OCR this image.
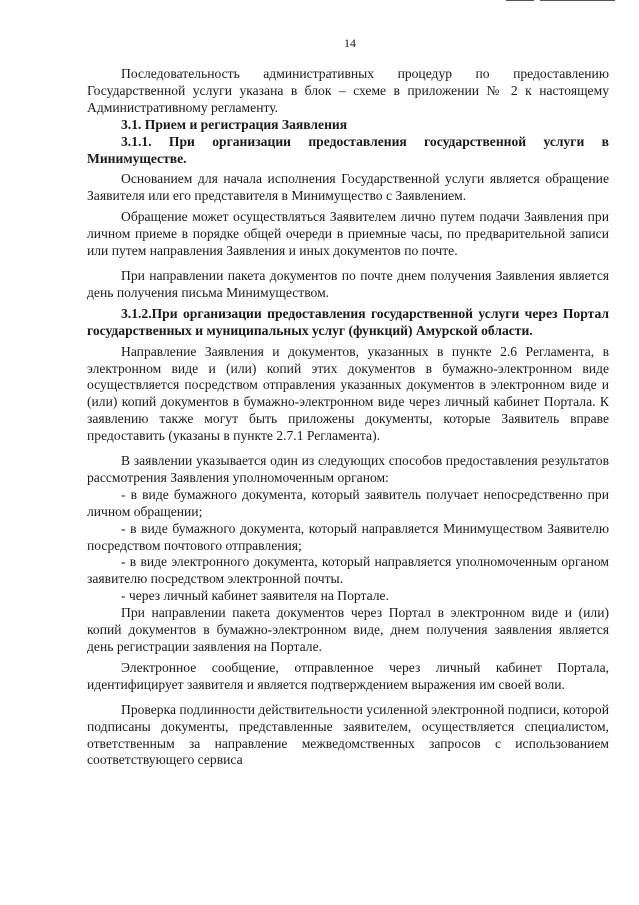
14

Последовательность административных процедур по предоставлению Государственной услуги указана в блок – схеме в приложении № 2 к настоящему Административному регламенту.

3.1. Прием и регистрация Заявления

3.1.1. При организации предоставления государственной услуги в Минимуществе.

Основанием для начала исполнения Государственной услуги является обращение Заявителя или его представителя в Минимущество с Заявлением.

Обращение может осуществляться Заявителем лично путем подачи Заявления при личном приеме в порядке общей очереди в приемные часы, по предварительной записи или путем направления Заявления и иных документов по почте.

При направлении пакета документов по почте днем получения Заявления является день получения письма Минимуществом.

3.1.2.При организации предоставления государственной услуги через Портал государственных и муниципальных услуг (функций) Амурской области.

Направление Заявления и документов, указанных в пункте 2.6 Регламента, в электронном виде и (или) копий этих документов в бумажно-электронном виде осуществляется посредством отправления указанных документов в электронном виде и (или) копий документов в бумажно-электронном виде через личный кабинет Портала. К заявлению также могут быть приложены документы, которые Заявитель вправе предоставить (указаны в пункте 2.7.1 Регламента).

В заявлении указывается один из следующих способов предоставления результатов рассмотрения Заявления уполномоченным органом:

- в виде бумажного документа, который заявитель получает непосредственно при личном обращении;

- в виде бумажного документа, который направляется Минимуществом Заявителю посредством почтового отправления;

- в виде электронного документа, который направляется уполномоченным органом заявителю посредством электронной почты.

- через личный кабинет заявителя на Портале.

При направлении пакета документов через Портал в электронном виде и (или) копий документов в бумажно-электронном виде, днем получения заявления является день регистрации заявления на Портале.

Электронное сообщение, отправленное через личный кабинет Портала, идентифицирует заявителя и является подтверждением выражения им своей воли.

Проверка подлинности действительности усиленной электронной подписи, которой подписаны документы, представленные заявителем, осуществляется специалистом, ответственным за направление межведомственных запросов с использованием соответствующего сервиса
